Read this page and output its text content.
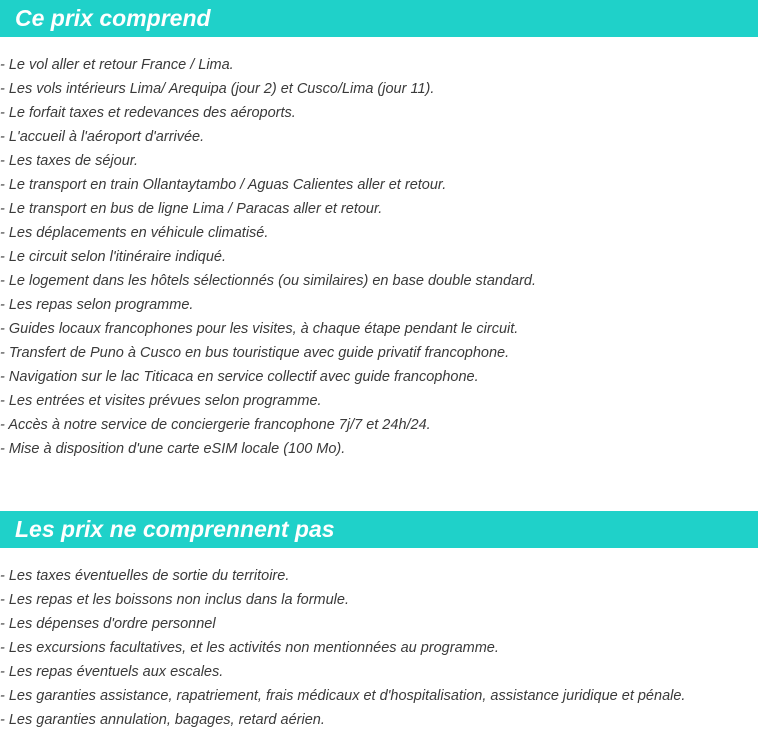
Ce prix comprend
- Le vol aller et retour France / Lima.
- Les vols intérieurs Lima/ Arequipa (jour 2) et Cusco/Lima (jour 11).
- Le forfait taxes et redevances des aéroports.
- L'accueil à l'aéroport d'arrivée.
- Les taxes de séjour.
- Le transport en train Ollantaytambo / Aguas Calientes aller et retour.
- Le transport en bus de ligne Lima / Paracas aller et retour.
- Les déplacements en véhicule climatisé.
- Le circuit selon l'itinéraire indiqué.
- Le logement dans les hôtels sélectionnés (ou similaires) en base double standard.
- Les repas selon programme.
- Guides locaux francophones pour les visites, à chaque étape pendant le circuit.
- Transfert de Puno à Cusco en bus touristique avec guide privatif francophone.
- Navigation sur le lac Titicaca en service collectif avec guide francophone.
- Les entrées et visites prévues selon programme.
- Accès à notre service de conciergerie francophone 7j/7 et 24h/24.
- Mise à disposition d'une carte eSIM locale (100 Mo).
Les prix ne comprennent pas
- Les taxes éventuelles de sortie du territoire.
- Les repas et les boissons non inclus dans la formule.
- Les dépenses d'ordre personnel
- Les excursions facultatives, et les activités non mentionnées au programme.
- Les repas éventuels aux escales.
- Les garanties assistance, rapatriement, frais médicaux et d'hospitalisation, assistance juridique et pénale.
- Les garanties annulation, bagages, retard aérien.
